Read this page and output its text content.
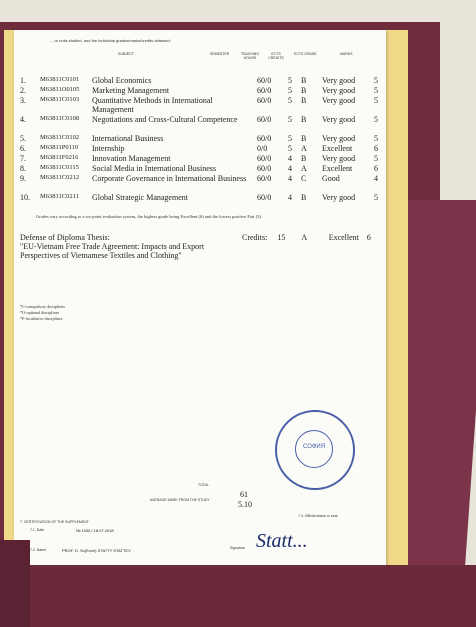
... or units studied, and the individual grades/marks/credits obtained:
SUBJECT	SEMESTER	TEACHING HOURS
ECTS CREDITS
ECTS GRADE	MARKS
1. M63811C0101 Global Economics	60/0 5 B Very good 5
2. M63811O0105 Marketing Management	60/0 5 B Very good 5
3. M63811C0103 Quantitative Methods in International Management
60/0 5 B Very good 5
4. M63811C0108 Negotiations and Cross-Cultural Competence	60/0 5 B Very good 5
5. M63811C0102 International Business	60/0 5 B Very good 5
6. M63811P0110 Internship	0/0	5 A Excellent	6
7. M63811F0216 Innovation Management	60/0 4 B Very good 5
8. M63811C0115 Social Media in International Business	60/0 4 A Excellent	6
9. M63811C0212 Corporate Governance in International Business	60/0 4 C Good	4
10. M63811C0211 Global Strategic Management	60/0 4 B Very good 5
Grades vary according to a six-point evaluation system, the highest grade being Excellent (6) and the lowest positive Fair (3).
Defense of Diploma Thesis:
"EU-Vietnam Free Trade Agreement: Impacts and Export Perspectives of Vietnamese Textiles and Clothing"
Credits: 15 A	Excellent 6
*C-compulsory disciplines
*O-optional disciplines
*F-facultative disciplines
СОФИЯ
TOTAL
AVERAGE MARK FROM THE STUDY
61
5.10
7.4. Official stamp or seal
7. CERTIFICATION OF THE SUPPLEMENT
7.1. Date	№ 1930 / 18.07.2018
7.2. Name	PROF. D. Sc(Econ) STATTY STATTEV	Signature Statt...
